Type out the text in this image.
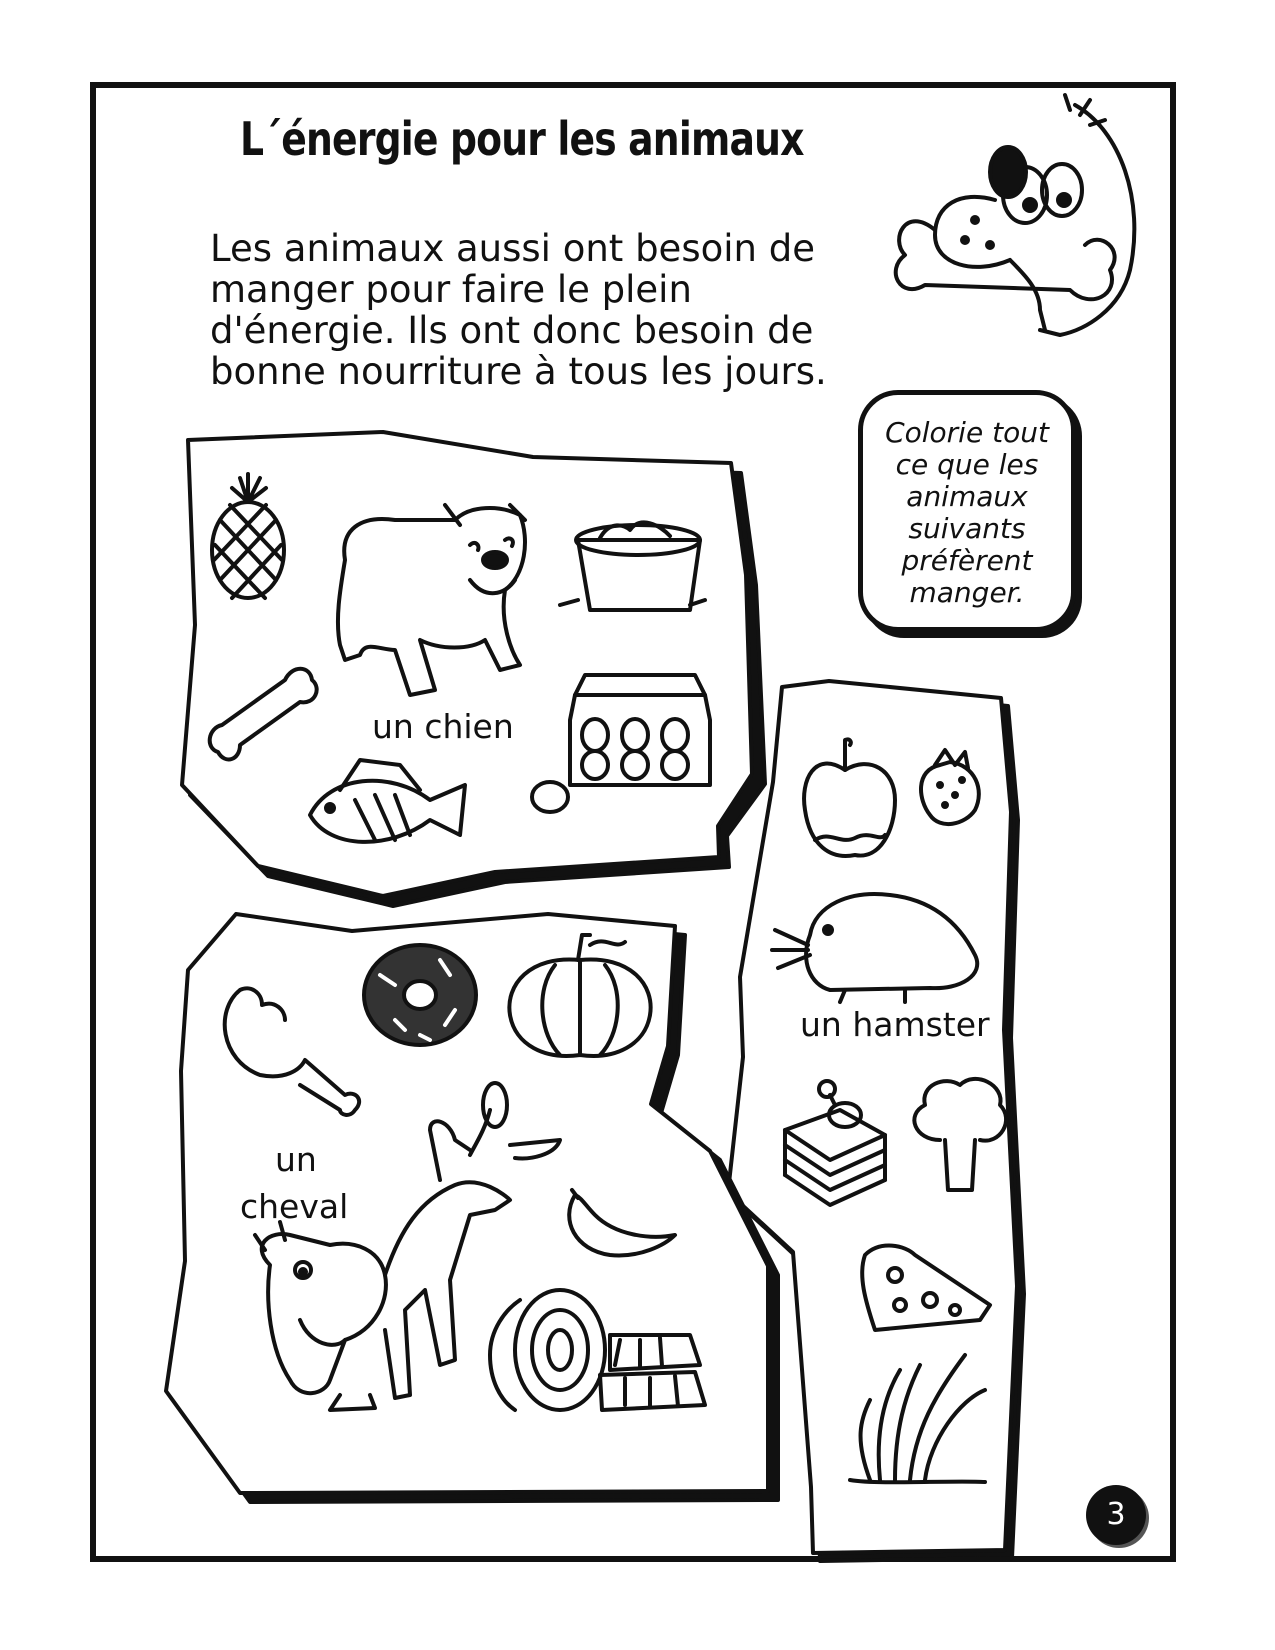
L´énergie pour les animaux
Les animaux aussi ont besoin de
manger pour faire le plein
d'énergie. Ils ont donc besoin de
bonne nourriture à tous les jours.
Colorie tout
ce que les
animaux
suivants
préfèrent
manger.
un chien
un hamster
un
cheval
3
